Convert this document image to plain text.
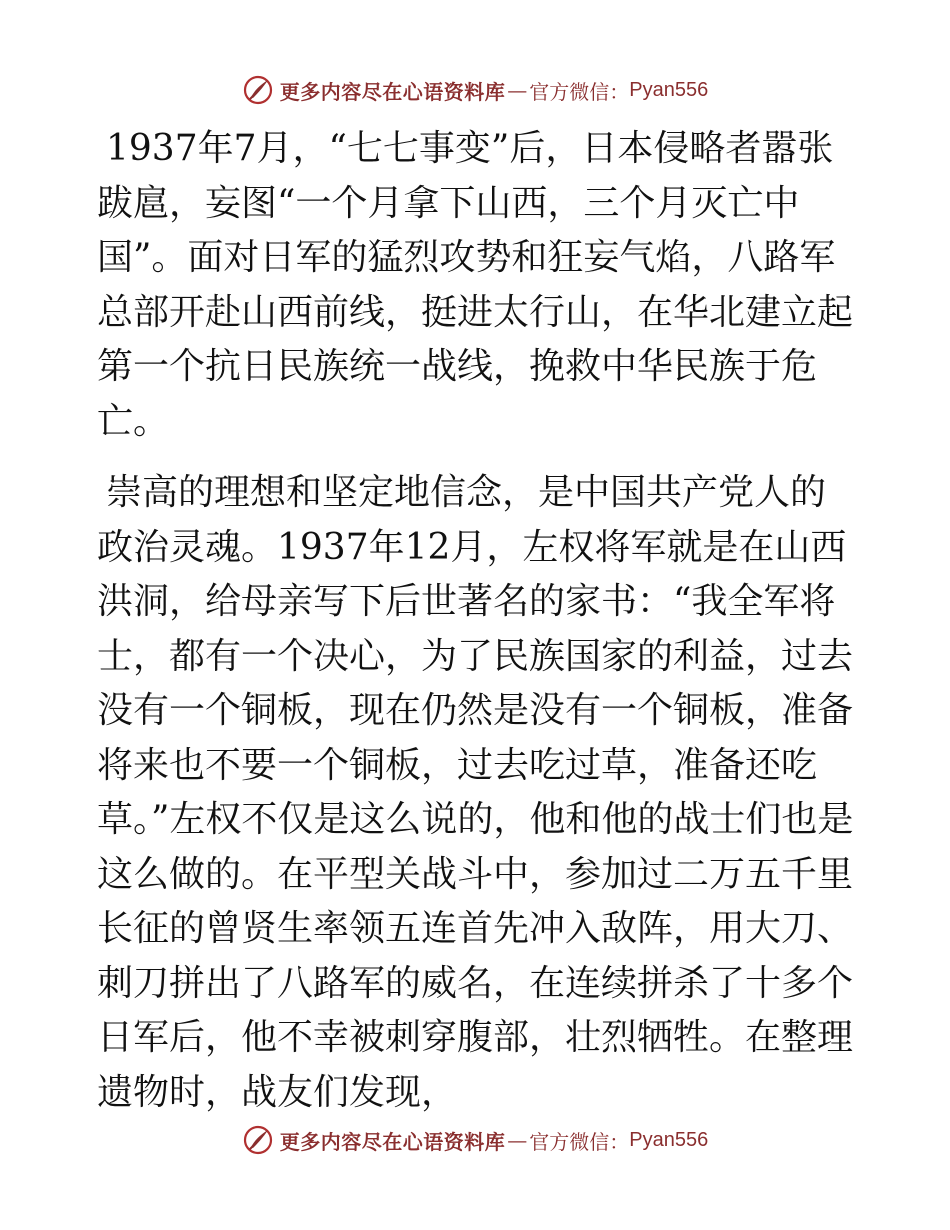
更多内容尽在心语资料库 — 官方微信： Pyan556

1937年7月，“七七事变”后，日本侵略者嚣张跋扈，妄图“一个月拿下山西，三个月灭亡中国”。面对日军的猛烈攻势和狂妄气焰，八路军总部开赴山西前线，挺进太行山，在华北建立起第一个抗日民族统一战线，挽救中华民族于危亡。

崇高的理想和坚定地信念，是中国共产党人的政治灵魂。1937年12月，左权将军就是在山西洪洞，给母亲写下后世著名的家书：“我全军将士，都有一个决心，为了民族国家的利益，过去没有一个铜板，现在仍然是没有一个铜板，准备将来也不要一个铜板，过去吃过草，准备还吃草。”左权不仅是这么说的，他和他的战士们也是这么做的。在平型关战斗中，参加过二万五千里长征的曾贤生率领五连首先冲入敌阵，用大刀、刺刀拼出了八路军的威名，在连续拼杀了十多个日军后，他不幸被刺穿腹部，壮烈牺牲。在整理遗物时，战友们发现，

更多内容尽在心语资料库 — 官方微信： Pyan556
